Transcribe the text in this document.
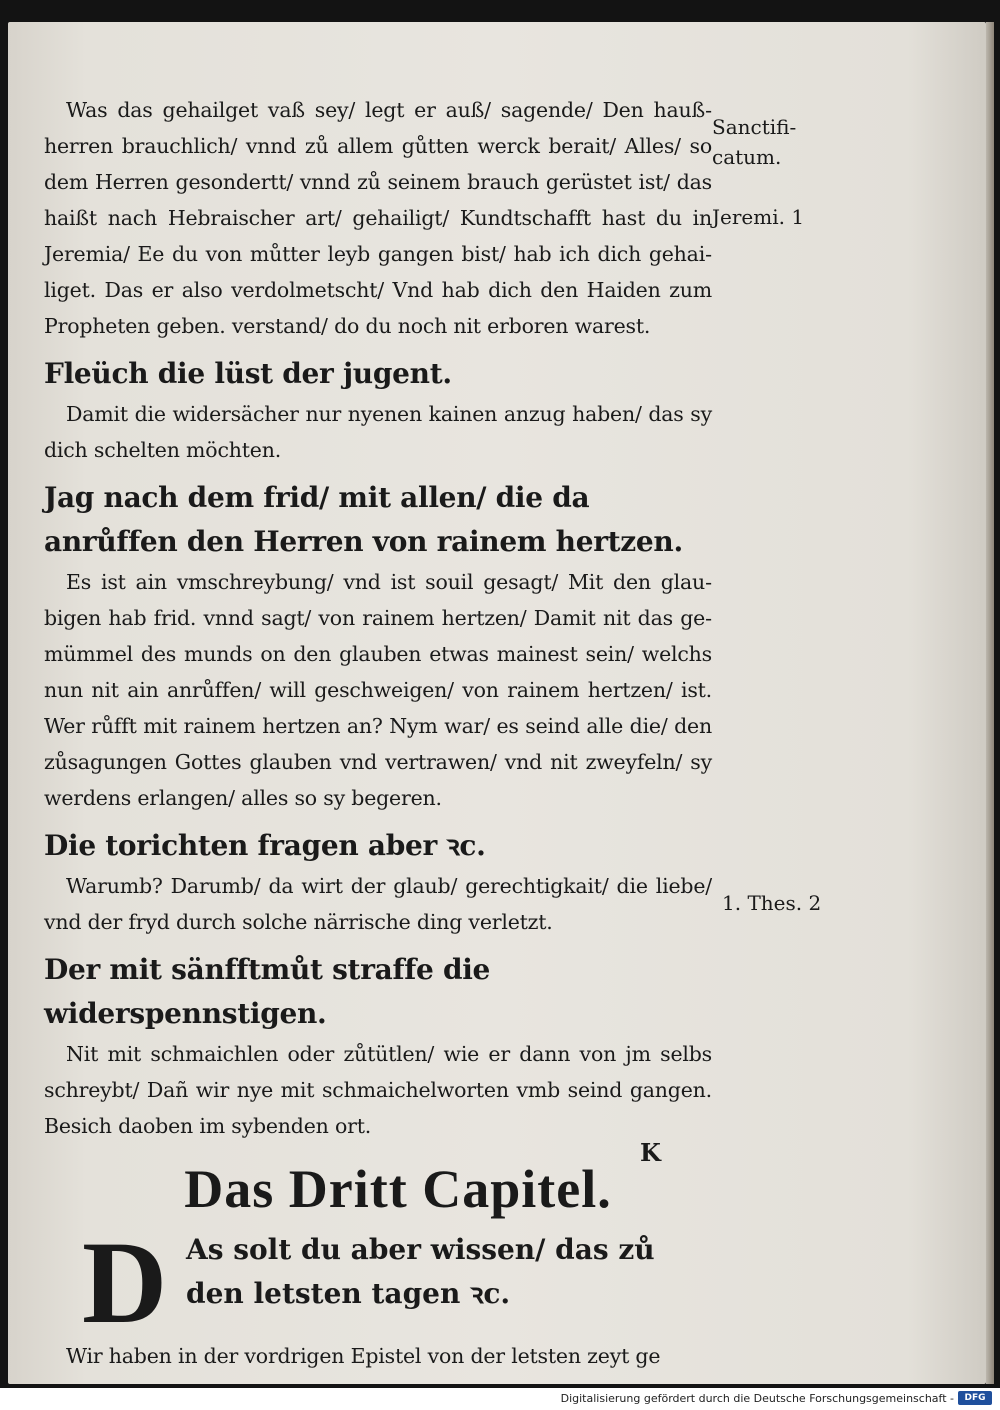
Was das gehailget vaß sey/ legt er auß/ sagende/ Den haußherren brauchlich/ vnnd zů allem gůtten werck berait/ Alles/ so dem Herren gesondertt/ vnnd zů seinem brauch gerüstet ist/ das haißt nach Hebraischer art/ gehailigt/ Kundtschafft hast du in Jeremia/ Ee du von můtter leyb gangen bist/ hab ich dich gehailiget. Das er also verdolmetscht/ Vnd hab dich den Haiden zum Propheten geben. verstand/ do du noch nit erboren warest.

Fleüch die lüst der jugent.

Damit die widersächer nur nyenen kainen anzug haben/ das sy dich schelten möchten.

Jag nach dem frid/ mit allen/ die da anrůffen den Herren von rainem hertzen.

Es ist ain vmschreybung/ vnd ist souil gesagt/ Mit den glaubigen hab frid. vnnd sagt/ von rainem hertzen/ Damit nit das gemümmel des munds on den glauben etwas mainest sein/ welchs nun nit ain anrůffen/ will geschweigen/ von rainem hertzen/ ist. Wer růfft mit rainem hertzen an? Nym war/ es seind alle die/ den zůsagungen Gottes glauben vnd vertrawen/ vnd nit zweyfeln/ sy werdens erlangen/ alles so sy begeren.

Die torichten fragen aber ꝛc.

Warumb? Darumb/ da wirt der glaub/ gerechtigkait/ die liebe/ vnd der fryd durch solche närrische ding verletzt.

Der mit sänfftmůt straffe die widerspennstigen.

Nit mit schmaichlen oder zůtütlen/ wie er dann von jm selbs schreybt/ Dañ wir nye mit schmaichelworten vmb seind gangen. Besich daoben im sybenden ort.

Das Dritt Capitel.
D As solt du aber wissen/ das zů den letsten tagen ꝛc.

Wir haben in der vordrigen Epistel von der letsten zeyt ge

K
Sanctificatum.
Jeremi. 1
1. Thes. 2
Digitalisierung gefördert durch die Deutsche Forschungsgemeinschaft -	DFG
